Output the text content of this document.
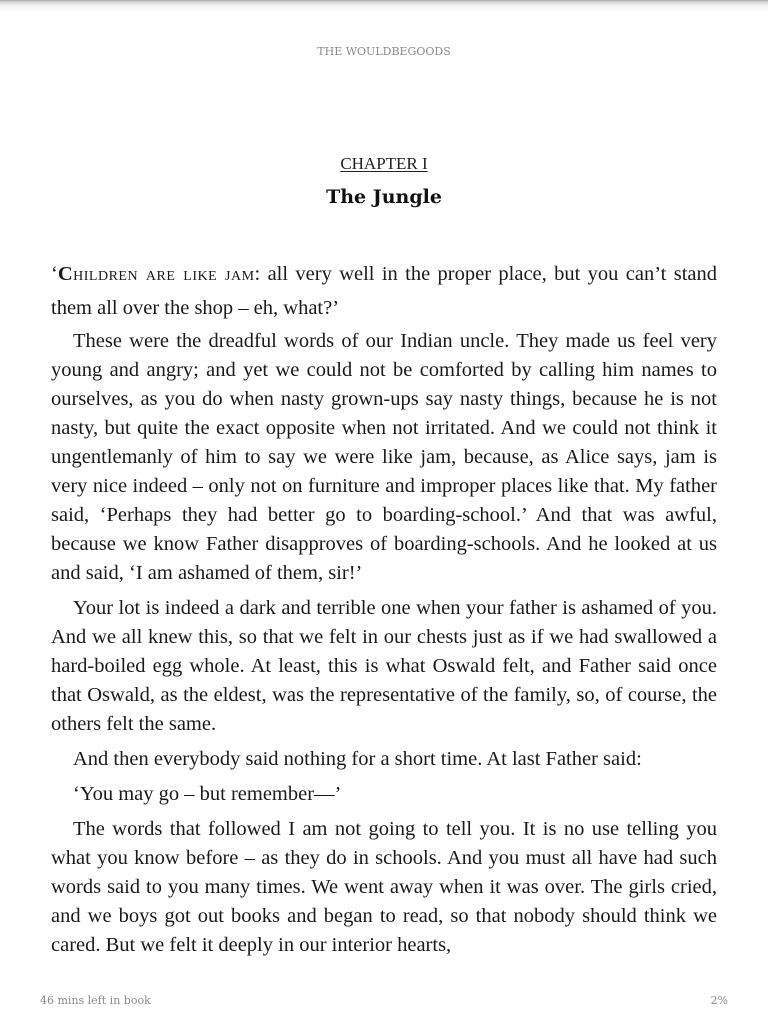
THE WOULDBEGOODS
CHAPTER I
The Jungle

‘Children are like jam: all very well in the proper place, but you can’t stand them all over the shop – eh, what?’

These were the dreadful words of our Indian uncle. They made us feel very young and angry; and yet we could not be comforted by calling him names to ourselves, as you do when nasty grown-ups say nasty things, because he is not nasty, but quite the exact opposite when not irritated. And we could not think it ungentlemanly of him to say we were like jam, because, as Alice says, jam is very nice indeed – only not on furniture and improper places like that. My father said, ‘Perhaps they had better go to boarding-school.’ And that was awful, because we know Father disapproves of boarding-schools. And he looked at us and said, ‘I am ashamed of them, sir!’

Your lot is indeed a dark and terrible one when your father is ashamed of you. And we all knew this, so that we felt in our chests just as if we had swallowed a hard-boiled egg whole. At least, this is what Oswald felt, and Father said once that Oswald, as the eldest, was the representative of the family, so, of course, the others felt the same.

And then everybody said nothing for a short time. At last Father said:

‘You may go – but remember—’

The words that followed I am not going to tell you. It is no use telling you what you know before – as they do in schools. And you must all have had such words said to you many times. We went away when it was over. The girls cried, and we boys got out books and began to read, so that nobody should think we cared. But we felt it deeply in our interior hearts,

46 mins left in book	2%
